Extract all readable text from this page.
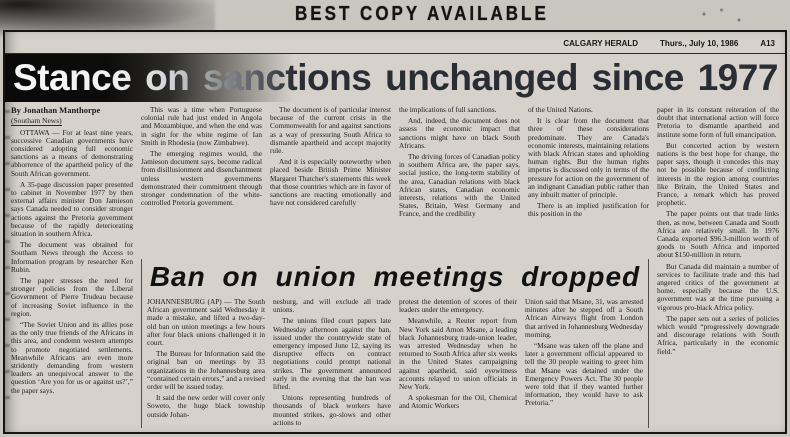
BEST COPY AVAILABLE
CALGARY HERALD	Thurs., July 10, 1986	A13
Stance on sanctions unchanged since 1977
By Jonathan Manthorpe
(Southam News)

OTTAWA — For at least nine years, successive Canadian governments have considered adopting full economic sanctions as a means of demonstrating abhorrence of the apartheid policy of the South African government.

A 35-page discussion paper presented to cabinet in November 1977 by then external affairs minister Don Jamieson says Canada needed to consider stronger actions against the Pretoria government because of the rapidly deteriorating situation in southern Africa.

The document was obtained for Southam News through the Access to Information program by researcher Ken Rubin.

The paper stresses the need for stronger policies from the Liberal Government of Pierre Trudeau because of increasing Soviet influence in the region.

“The Soviet Union and its allies pose as the only true friends of the Africans in this area, and condemn western attempts to promote negotiated settlements. Meanwhile Africans are even more stridently demanding from western leaders an unequivocal answer to the question ‘Are you for us or against us?’,” the paper says.

This was a time when Portuguese colonial rule had just ended in Angola and Mozambique, and when the end was in sight for the white regime of Ian Smith in Rhodesia (now Zimbabwe).

The emerging regimes would, the Jamieson document says, become radical from disillusionment and disenchantment unless western governments demonstrated their commitment through stronger condemnation of the white-controlled Pretoria government.

The document is of particular interest because of the current crisis in the Commonwealth for and against sanctions as a way of pressuring South Africa to dismantle apartheid and accept majority rule.

And it is especially noteworthy when placed beside British Prime Minister Margaret Thatcher's statements this week that those countries which are in favor of sanctions are reacting emotionally and have not considered carefully

the implications of full sanctions.

And, indeed, the document does not assess the economic impact that sanctions might have on black South Africans.

The driving forces of Canadian policy in southern Africa are, the paper says, social justice, the long-term stability of the area, Canadian relations with black African states, Canadian economic interests, relations with the United States, Britain, West Germany and France, and the credibility

of the United Nations.

It is clear from the document that three of these considerations predominate. They are Canada's economic interests, maintaining relations with black African states and upholding human rights. But the human rights impetus is discussed only in terms of the pressure for action on the government of an indignant Canadian public rather than any inbuilt matter of principle.

There is an implied justification for this position in the

Ban on union meetings dropped

JOHANNESBURG (AP) — The South African government said Wednesday it made a mistake, and lifted a two-day-old ban on union meetings a few hours after four black unions challenged it in court.

The Bureau for Information said the original ban on meetings by 33 organizations in the Johannesburg area “contained certain errors,” and a revised order will be issued today.

It said the new order will cover only Soweto, the huge black township outside Johan-

nesburg, and will exclude all trade unions.

The unions filed court papers late Wednesday afternoon against the ban, issued under the countrywide state of emergency imposed June 12, saying its disruptive effects on contract negotiations could prompt national strikes. The government announced early in the evening that the ban was lifted.

Unions representing hundreds of thousands of black workers have mounted strikes, go-slows and other actions to

protest the detention of scores of their leaders under the emergency.

Meanwhile, a Reuter report from New York said Amon Msane, a leading black Johannesburg trade-union leader, was arrested Wednesday when he returned to South Africa after six weeks in the United States campaigning against apartheid, said eyewitness accounts relayed to union officials in New York.

A spokesman for the Oil, Chemical and Atomic Workers

Union said that Msane, 31, was arrested minutes after he stepped off a South African Airways flight from London that arrived in Johannesburg Wednesday morning.

“Msane was taken off the plane and later a government official appeared to tell the 30 people waiting to greet him that Msane was detained under the Emergency Powers Act. The 30 people were told that if they wanted further information, they would have to ask Pretoria.”

paper in its constant reiteration of the doubt that international action will force Pretoria to dismantle apartheid and institute some form of full emancipation.

But concerted action by western nations is the best hope for change, the paper says, though it concedes this may not be possible because of conflicting interests in the region among countries like Britain, the United States and France, a remark which has proved prophetic.

The paper points out that trade links then, as now, between Canada and South Africa are relatively small. In 1976 Canada exported $96.3-million worth of goods to South Africa and imported about $150-million in return.

But Canada did maintain a number of services to facilitate trade and this had angered critics of the government at home, especially because the U.S. government was at the time pursuing a vigorous pro-black Africa policy.

The paper sets out a series of policies which would “progressively downgrade and discourage relations with South Africa, particularly in the economic field.”
